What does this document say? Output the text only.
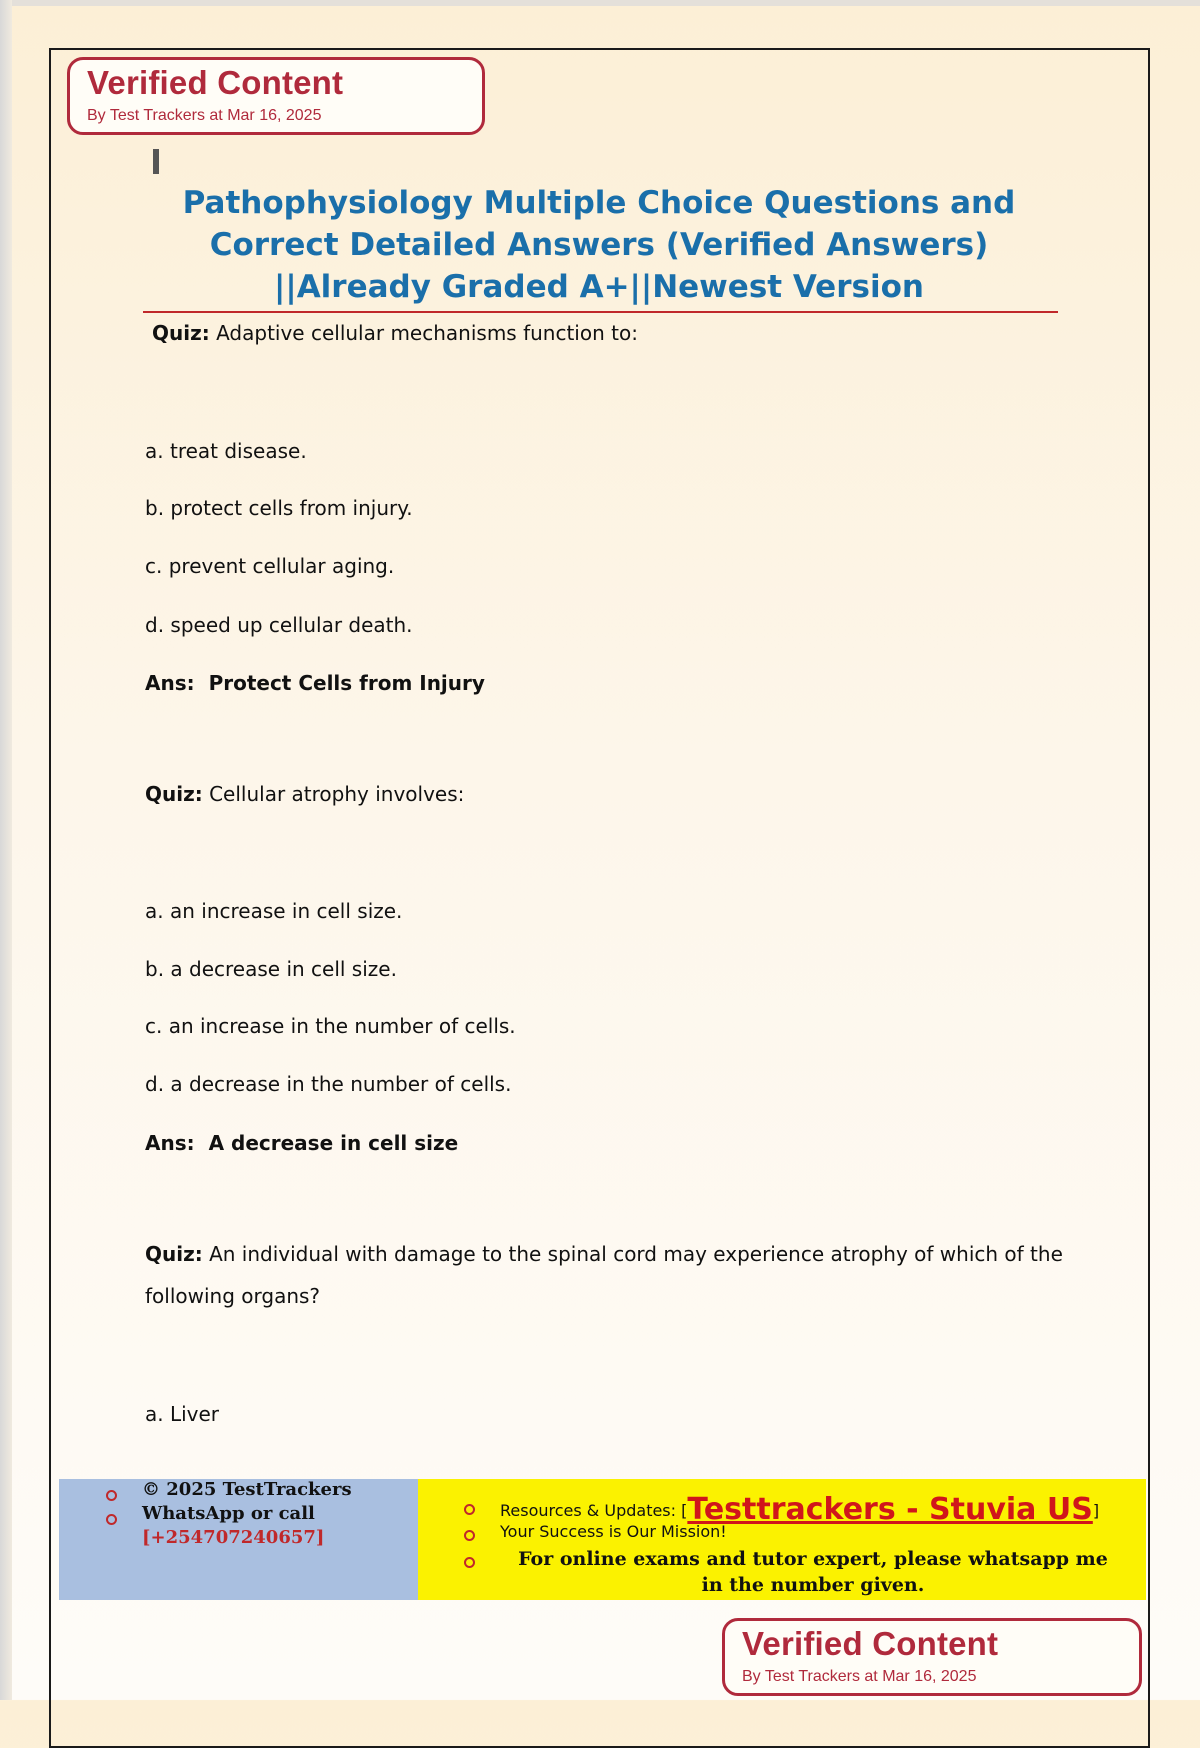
Verified Content
By Test Trackers at Mar 16, 2025
Pathophysiology Multiple Choice Questions and
Correct Detailed Answers (Verified Answers)
||Already Graded A+||Newest Version
Quiz: Adaptive cellular mechanisms function to:
a. treat disease.
b. protect cells from injury.
c. prevent cellular aging.
d. speed up cellular death.
Ans: Protect Cells from Injury
Quiz: Cellular atrophy involves:
a. an increase in cell size.
b. a decrease in cell size.
c. an increase in the number of cells.
d. a decrease in the number of cells.
Ans: A decrease in cell size
Quiz: An individual with damage to the spinal cord may experience atrophy of which of the following organs?
a. Liver
© 2025 TestTrackers
WhatsApp or call
[+254707240657]
Resources & Updates: [Testtrackers - Stuvia US]
Your Success is Our Mission!
For online exams and tutor expert, please whatsapp me
in the number given.
Verified Content
By Test Trackers at Mar 16, 2025
